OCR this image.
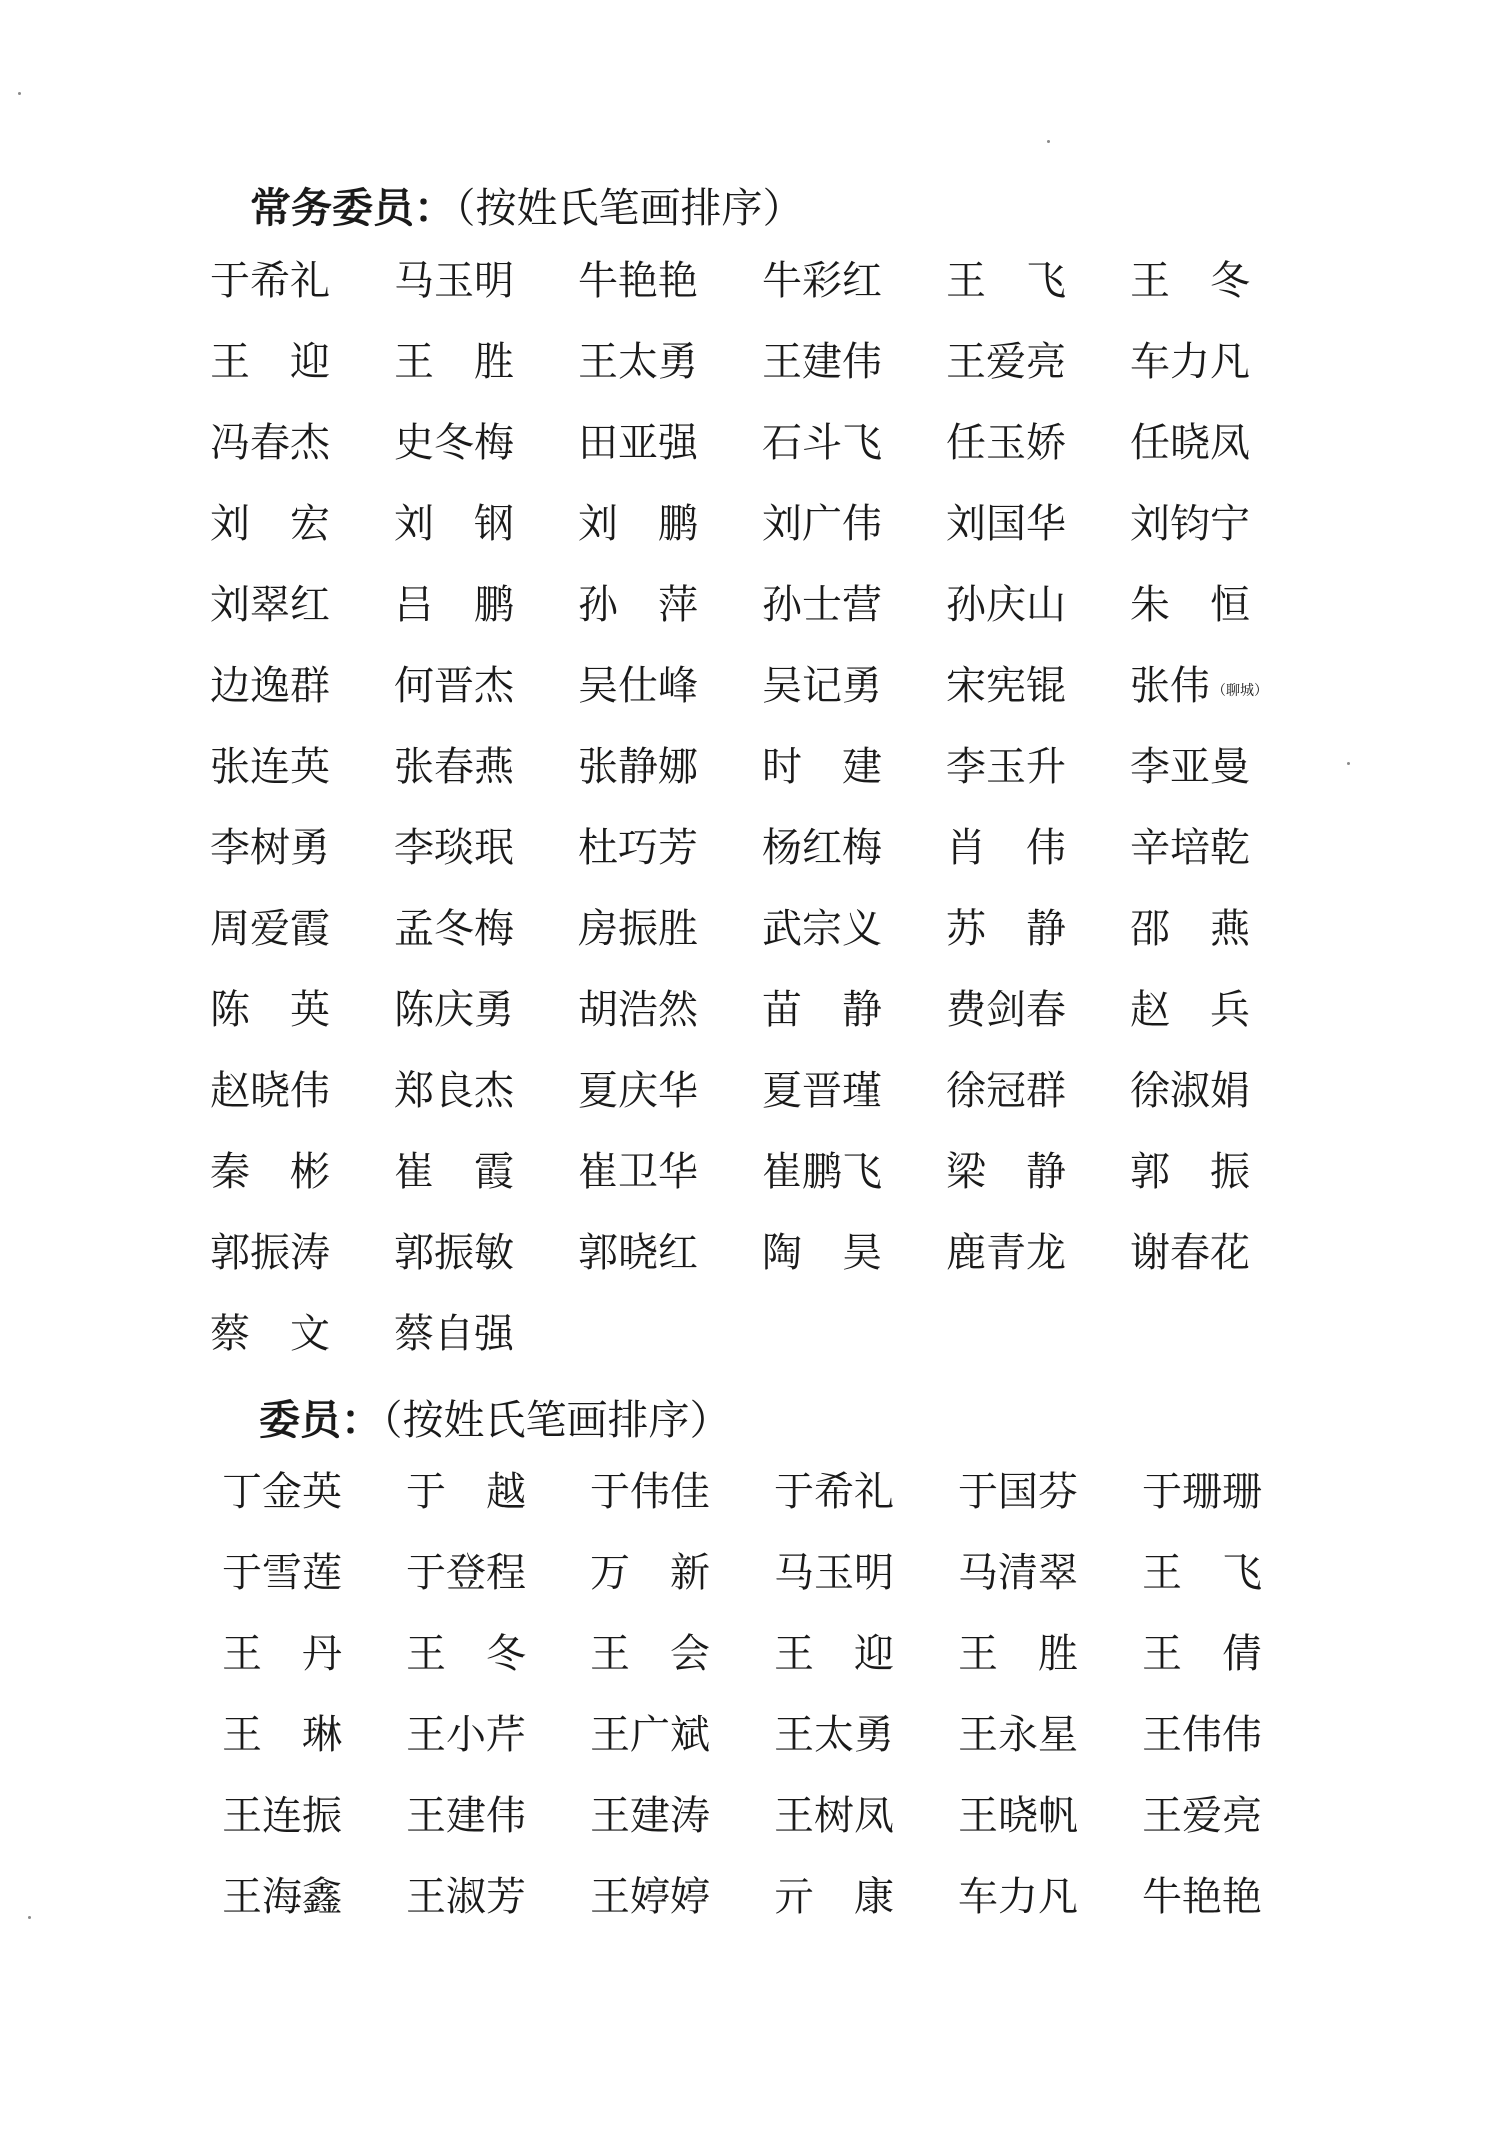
常务委员：（按姓氏笔画排序）
于希礼 马玉明 牛艳艳 牛彩红 王 飞 王 冬
王 迎 王 胜 王太勇 王建伟 王爱亮 车力凡
冯春杰 史冬梅 田亚强 石斗飞 任玉娇 任晓凤
刘 宏 刘 钢 刘 鹏 刘广伟 刘国华 刘钧宁
刘翠红 吕 鹏 孙 萍 孙士营 孙庆山 朱 恒
边逸群 何晋杰 吴仕峰 吴记勇 宋宪锟 张伟 （聊城）
张连英 张春燕 张静娜 时 建 李玉升 李亚曼
李树勇 李琰珉 杜巧芳 杨红梅 肖 伟 辛培乾
周爱霞 孟冬梅 房振胜 武宗义 苏 静 邵 燕
陈 英 陈庆勇 胡浩然 苗 静 费剑春 赵 兵
赵晓伟 郑良杰 夏庆华 夏晋瑾 徐冠群 徐淑娟
秦 彬 崔 霞 崔卫华 崔鹏飞 梁 静 郭 振
郭振涛 郭振敏 郭晓红 陶 昊 鹿青龙 谢春花
蔡 文 蔡自强
委员：（按姓氏笔画排序）
丁金英 于 越 于伟佳 于希礼 于国芬 于珊珊
于雪莲 于登程 万 新 马玉明 马清翠 王 飞
王 丹 王 冬 王 会 王 迎 王 胜 王 倩
王 琳 王小芹 王广斌 王太勇 王永星 王伟伟
王连振 王建伟 王建涛 王树凤 王晓帆 王爱亮
王海鑫 王淑芳 王婷婷 亓 康 车力凡 牛艳艳
